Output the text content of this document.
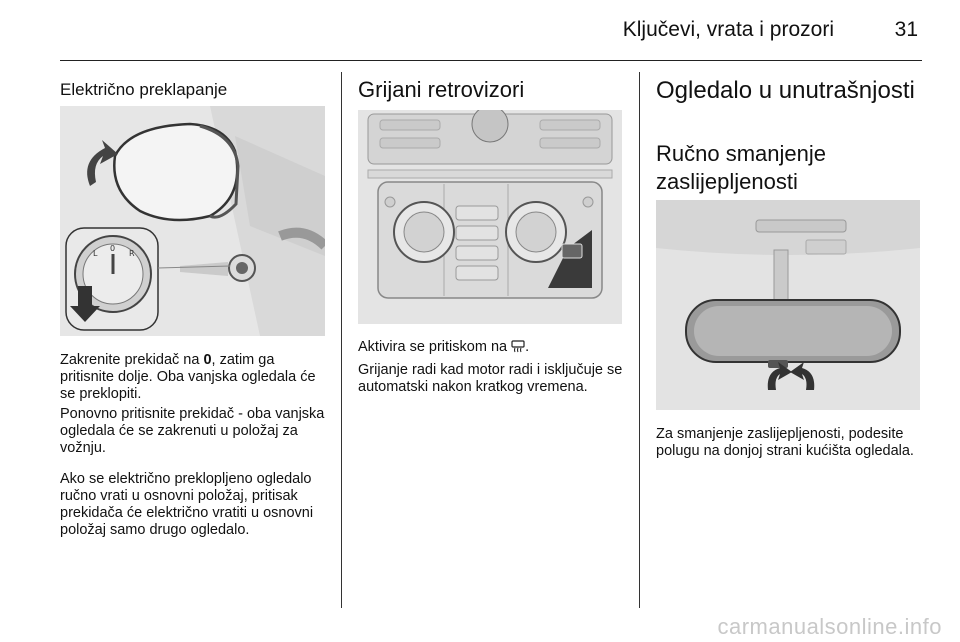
Ključevi, vrata i prozori	31
Električno preklapanje
L
0
R

Zakrenite prekidač na 0, zatim ga pritisnite dolje. Oba vanjska ogledala će se preklopiti.

Ponovno pritisnite prekidač - oba vanjska ogledala će se zakrenuti u položaj za vožnju.

Ako se električno preklopljeno ogledalo ručno vrati u osnovni položaj, pritisak prekidača će električno vratiti u osnovni položaj samo drugo ogledalo.

Grijani retrovizori

Aktivira se pritiskom na
.

Grijanje radi kad motor radi i isključuje se automatski nakon kratkog vremena.

Ogledalo u unutrašnjosti
Ručno smanjenje zaslijepljenosti

Za smanjenje zaslijepljenosti, podesite polugu na donjoj strani kućišta ogledala.

carmanualsonline.info
